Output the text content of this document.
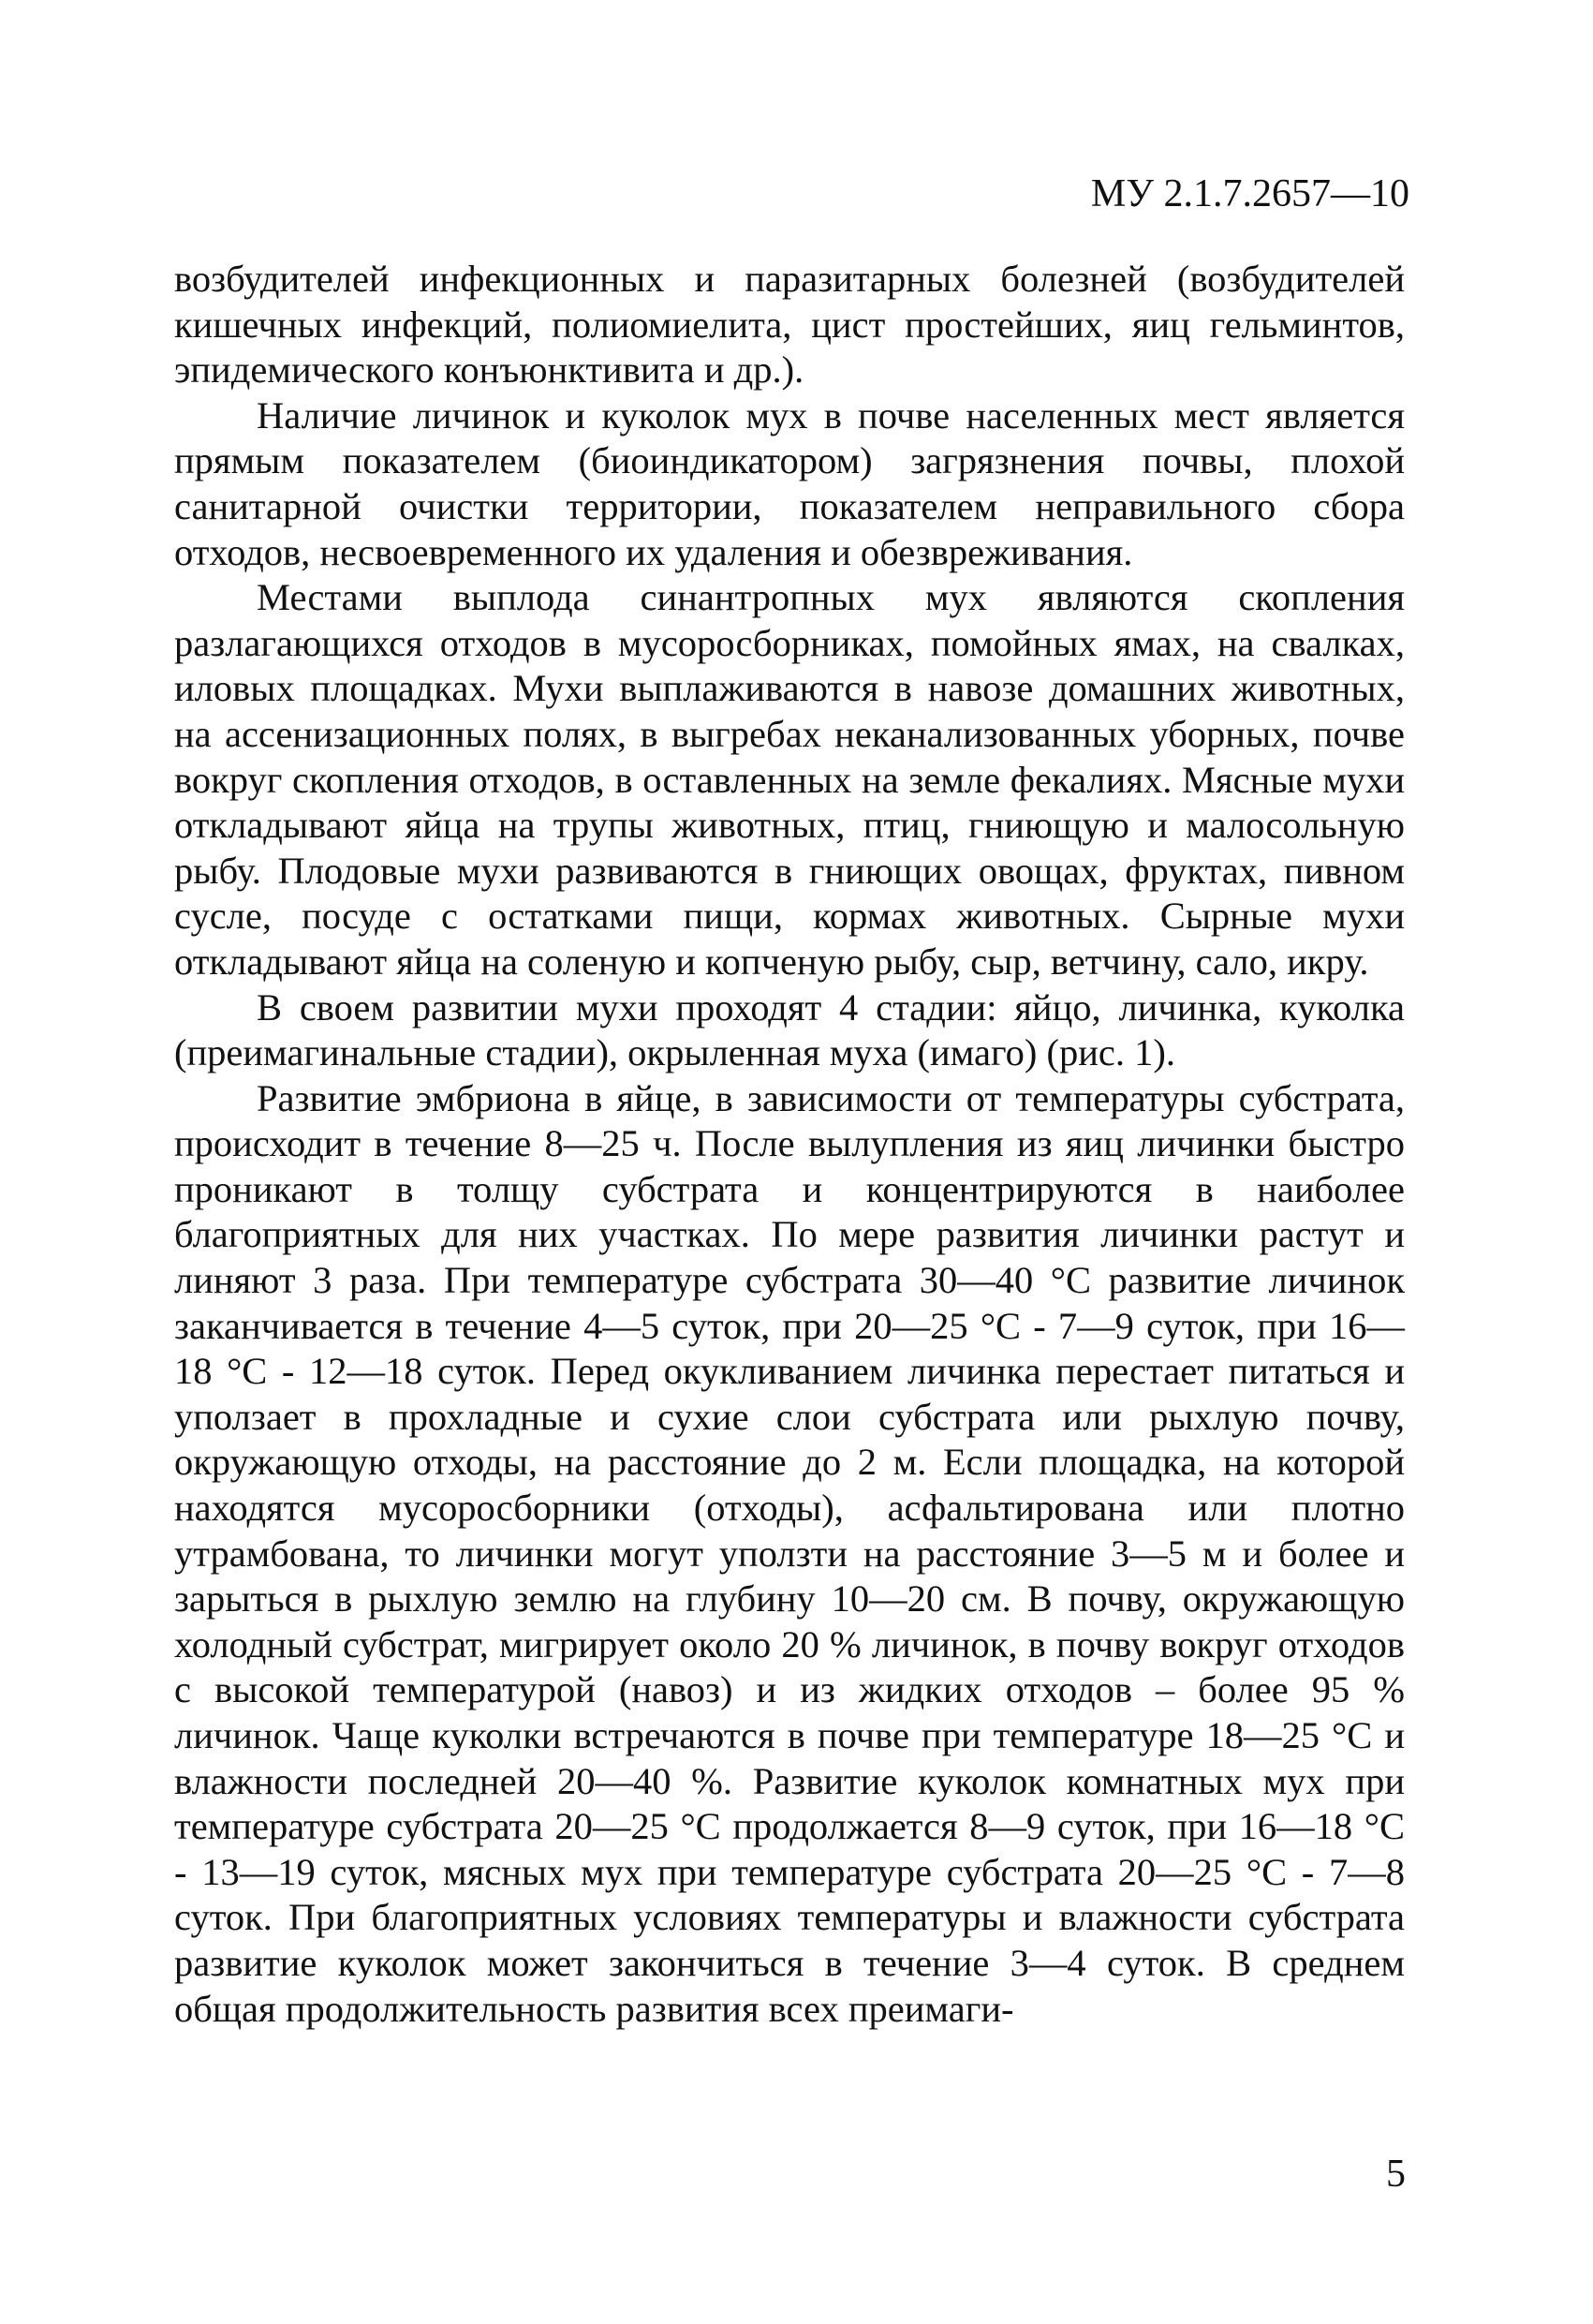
МУ 2.1.7.2657—10

возбудителей инфекционных и паразитарных болезней (возбудителей кишечных инфекций, полиомиелита, цист простейших, яиц гельминтов, эпидемического конъюнктивита и др.).

Наличие личинок и куколок мух в почве населенных мест является прямым показателем (биоиндикатором) загрязнения почвы, плохой санитарной очистки территории, показателем неправильного сбора отходов, несвоевременного их удаления и обезвреживания.

Местами выплода синантропных мух являются скопления разлагающихся отходов в мусоросборниках, помойных ямах, на свалках, иловых площадках. Мухи выплаживаются в навозе домашних животных, на ассенизационных полях, в выгребах неканализованных уборных, почве вокруг скопления отходов, в оставленных на земле фекалиях. Мясные мухи откладывают яйца на трупы животных, птиц, гниющую и малосольную рыбу. Плодовые мухи развиваются в гниющих овощах, фруктах, пивном сусле, посуде с остатками пищи, кормах животных. Сырные мухи откладывают яйца на соленую и копченую рыбу, сыр, ветчину, сало, икру.

В своем развитии мухи проходят 4 стадии: яйцо, личинка, куколка (преимагинальные стадии), окрыленная муха (имаго) (рис. 1).

Развитие эмбриона в яйце, в зависимости от температуры субстрата, происходит в течение 8—25 ч. После вылупления из яиц личинки быстро проникают в толщу субстрата и концентрируются в наиболее благоприятных для них участках. По мере развития личинки растут и линяют 3 раза. При температуре субстрата 30—40 °С развитие личинок заканчивается в течение 4—5 суток, при 20—25 °С - 7—9 суток, при 16—18 °С - 12—18 суток. Перед окукливанием личинка перестает питаться и уползает в прохладные и сухие слои субстрата или рыхлую почву, окружающую отходы, на расстояние до 2 м. Если площадка, на которой находятся мусоросборники (отходы), асфальтирована или плотно утрамбована, то личинки могут уползти на расстояние 3—5 м и более и зарыться в рыхлую землю на глубину 10—20 см. В почву, окружающую холодный субстрат, мигрирует около 20 % личинок, в почву вокруг отходов с высокой температурой (навоз) и из жидких отходов – более 95 % личинок. Чаще куколки встречаются в почве при температуре 18—25 °С и влажности последней 20—40 %. Развитие куколок комнатных мух при температуре субстрата 20—25 °С продолжается 8—9 суток, при 16—18 °С - 13—19 суток, мясных мух при температуре субстрата 20—25 °С - 7—8 суток. При благоприятных условиях температуры и влажности субстрата развитие куколок может закончиться в течение 3—4 суток. В среднем общая продолжительность развития всех преимаги-

5
